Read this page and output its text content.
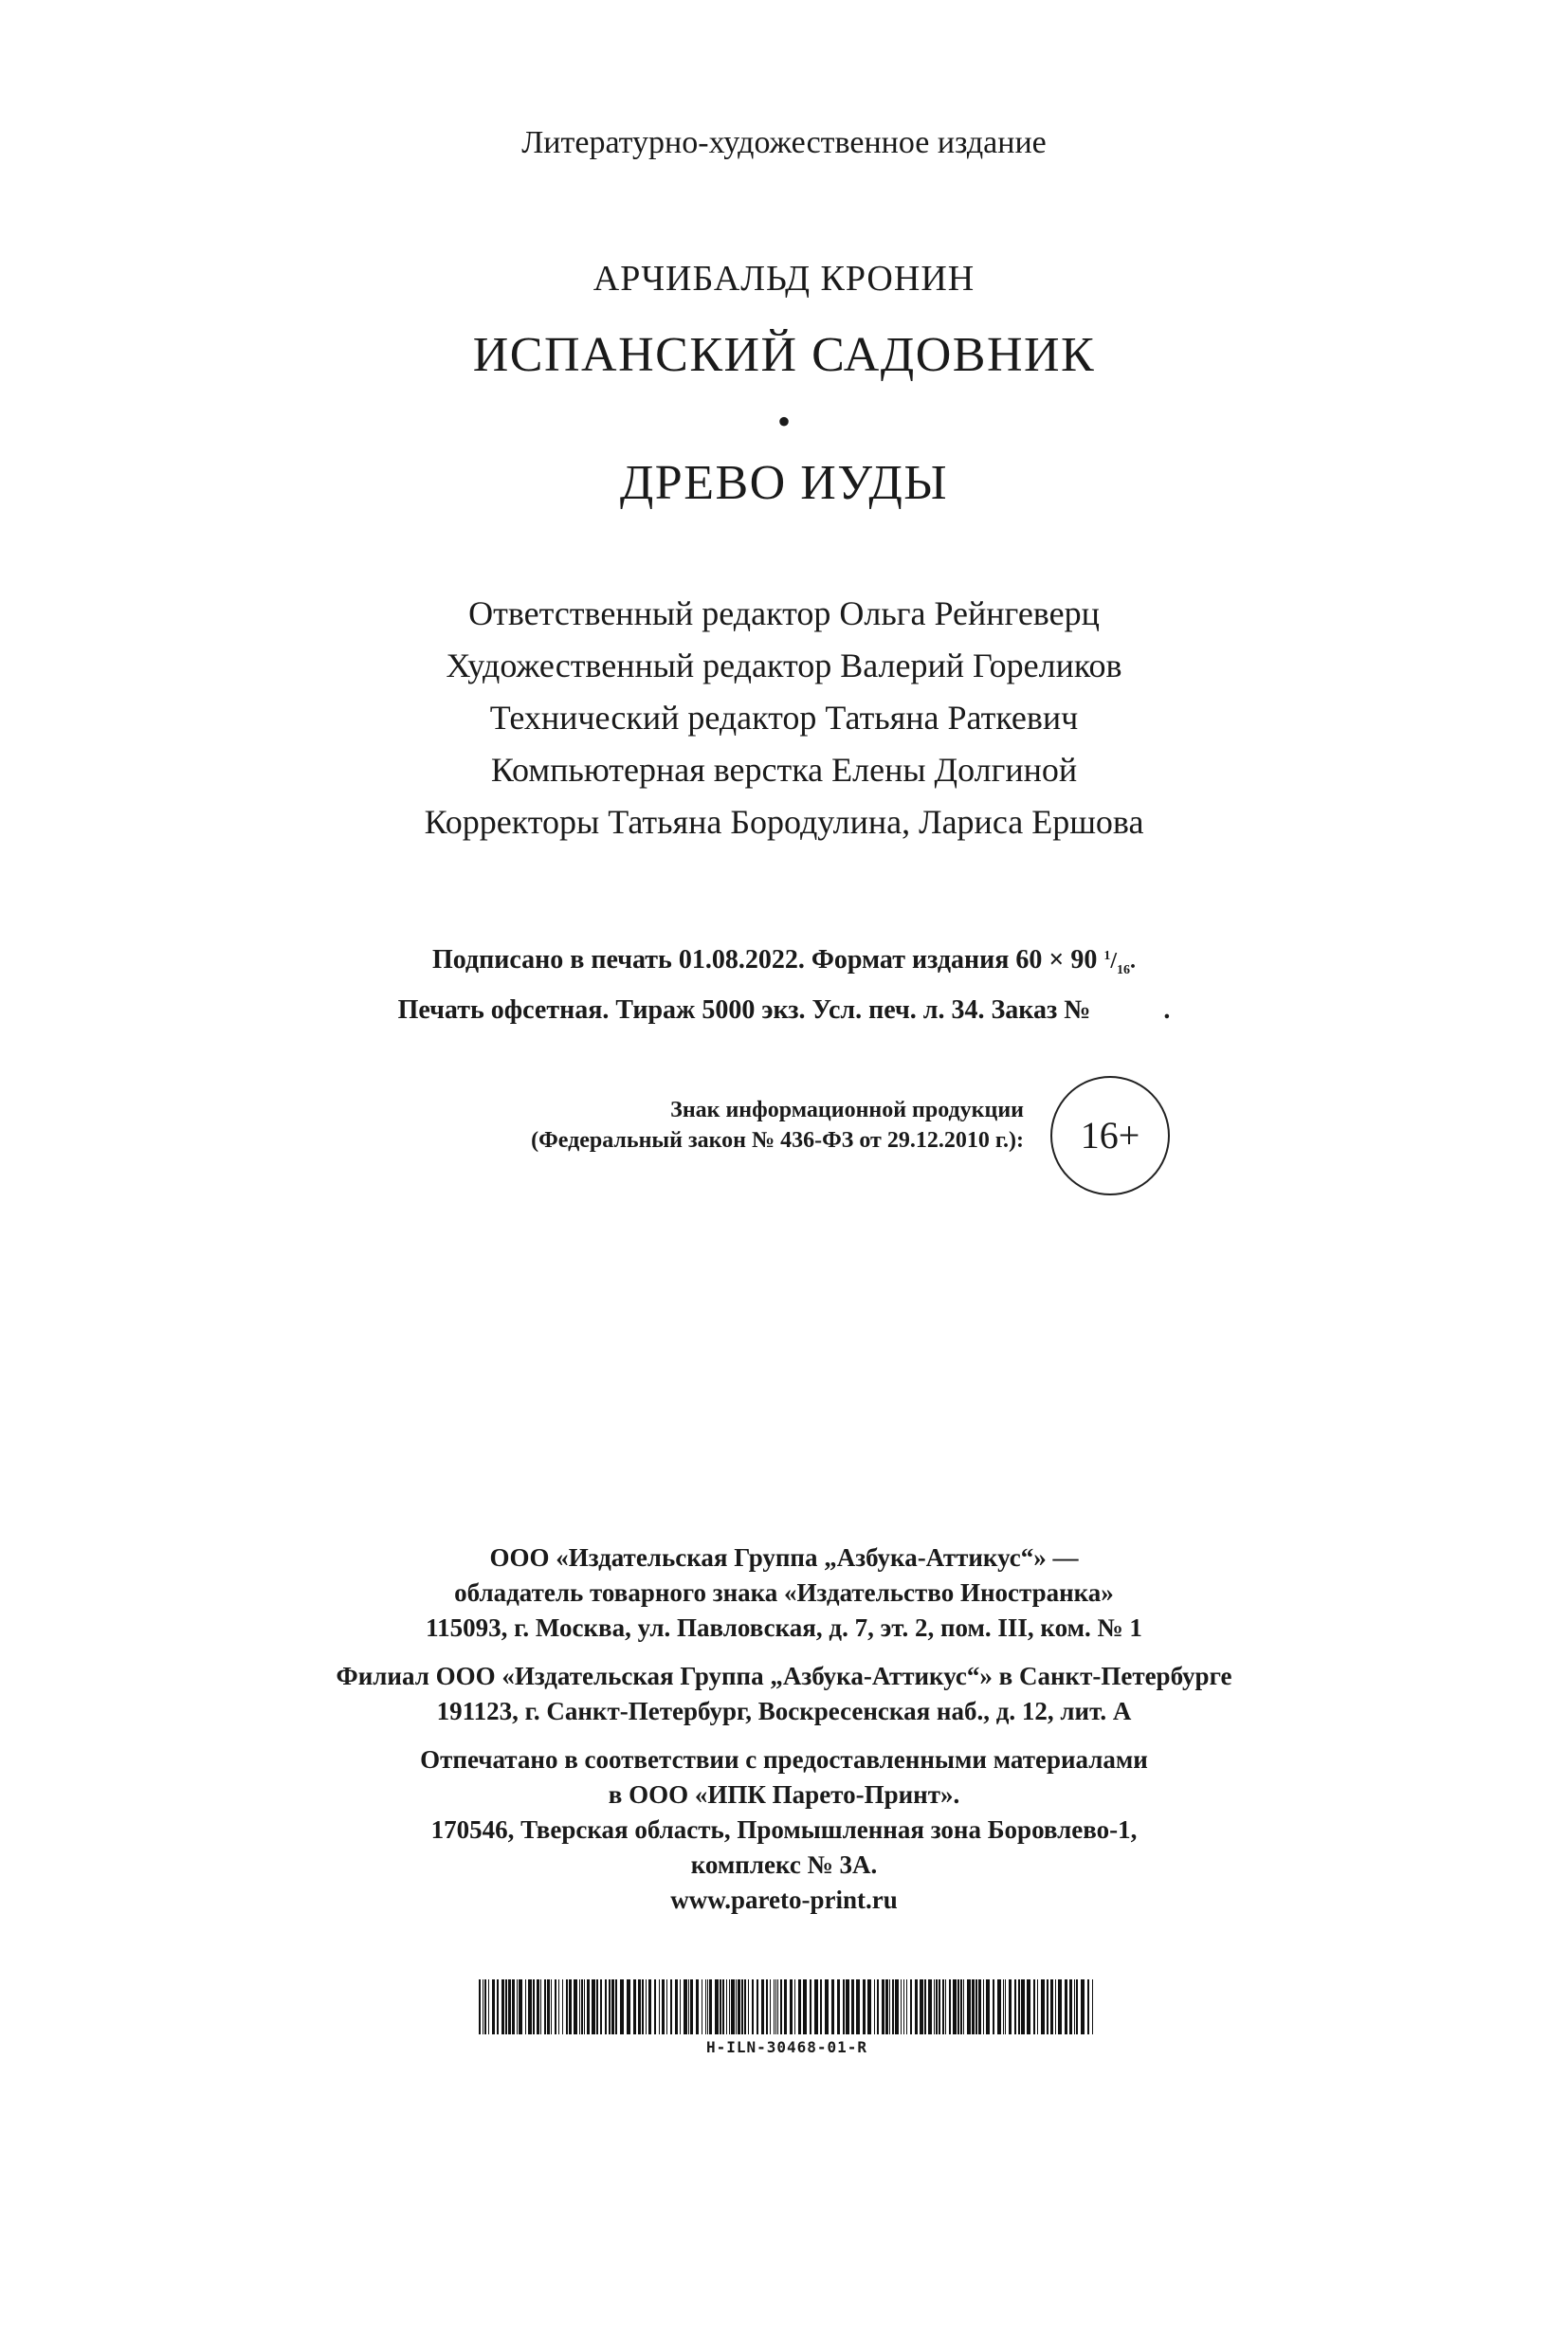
Литературно-художественное издание
АРЧИБАЛЬД КРОНИН
ИСПАНСКИЙ САДОВНИК
•
ДРЕВО ИУДЫ
Ответственный редактор Ольга Рейнгеверц
Художественный редактор Валерий Гореликов
Технический редактор Татьяна Раткевич
Компьютерная верстка Елены Долгиной
Корректоры Татьяна Бородулина, Лариса Ершова
Подписано в печать 01.08.2022. Формат издания 60 × 90 $^1/_{16}$.
Печать офсетная. Тираж 5000 экз. Усл. печ. л. 34. Заказ №	.
Знак информационной продукции
(Федеральный закон № 436-ФЗ от 29.12.2010 г.):	16+
ООО «Издательская Группа „Азбука-Аттикус“» —
обладатель товарного знака «Издательство Иностранка»
115093, г. Москва, ул. Павловская, д. 7, эт. 2, пом. III, ком. № 1
Филиал ООО «Издательская Группа „Азбука-Аттикус“» в Санкт-Петербурге
191123, г. Санкт-Петербург, Воскресенская наб., д. 12, лит. А
Отпечатано в соответствии с предоставленными материалами
в ООО «ИПК Парето-Принт».
170546, Тверская область, Промышленная зона Боровлево-1,
комплекс № 3А.
www.pareto-print.ru
H-ILN-30468-01-R
